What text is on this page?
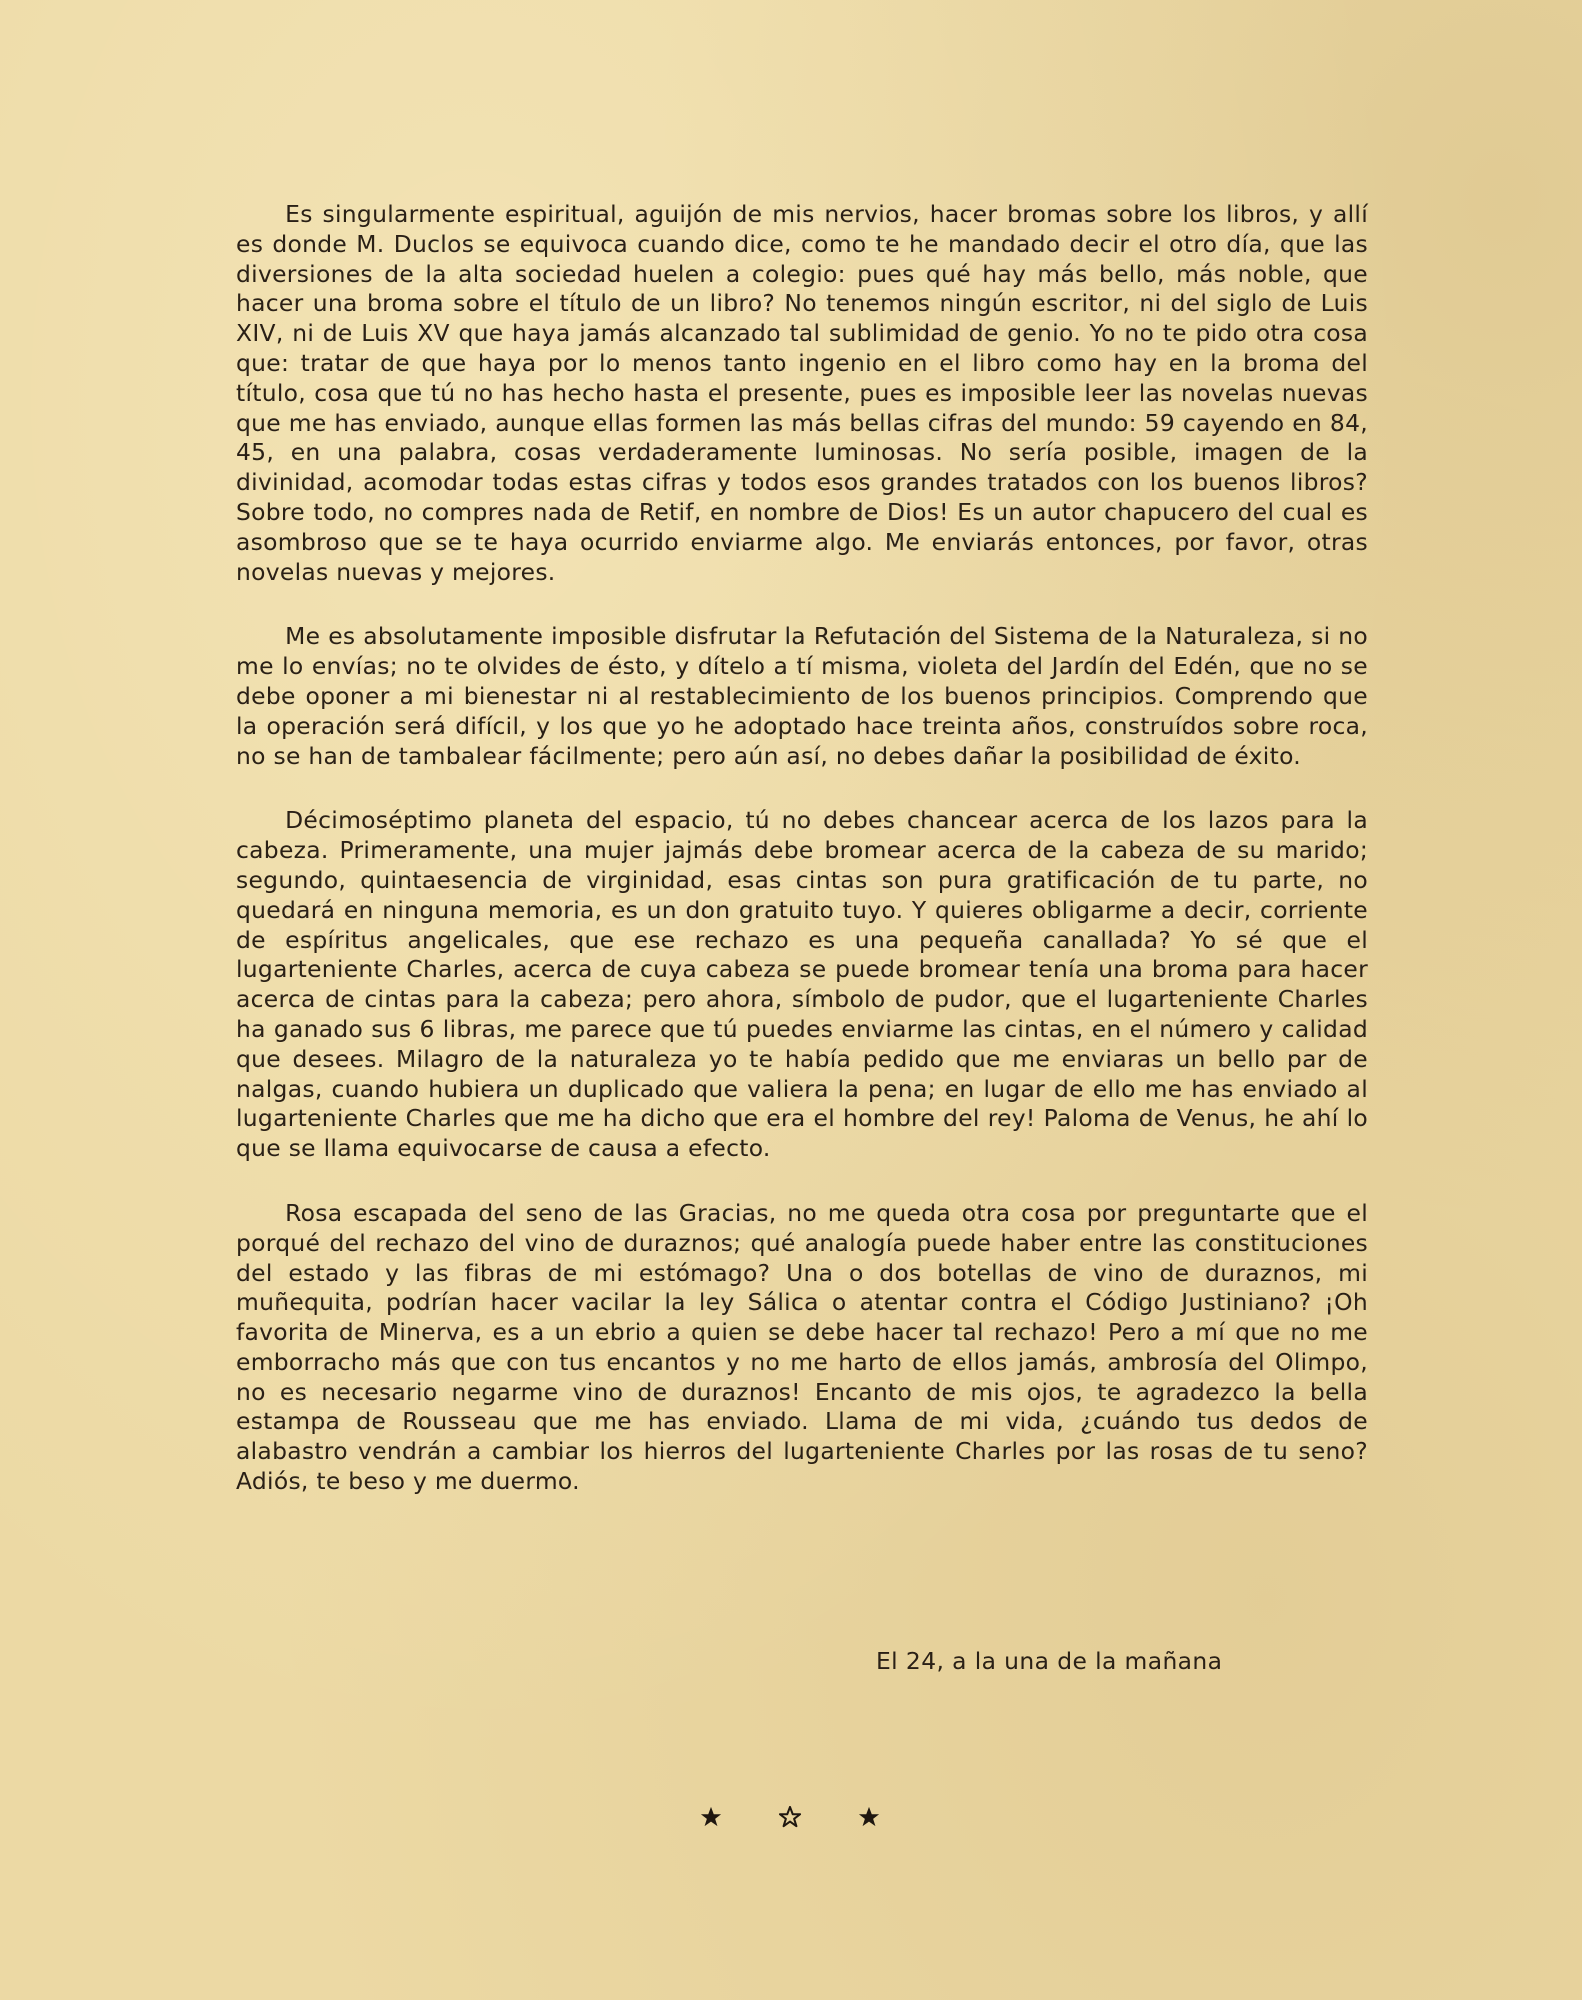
Es singularmente espiritual, aguijón de mis nervios, hacer bromas sobre los libros, y allí es donde M. Duclos se equivoca cuando dice, como te he mandado decir el otro día, que las diversiones de la alta sociedad huelen a colegio: pues qué hay más bello, más noble, que hacer una broma sobre el título de un libro? No tenemos ningún escritor, ni del siglo de Luis XIV, ni de Luis XV que haya jamás alcanzado tal sublimidad de genio. Yo no te pido otra cosa que: tratar de que haya por lo menos tanto ingenio en el libro como hay en la broma del título, cosa que tú no has hecho hasta el presente, pues es imposible leer las novelas nuevas que me has enviado, aunque ellas formen las más bellas cifras del mundo: 59 cayendo en 84, 45, en una palabra, cosas verdaderamente luminosas. No sería posible, imagen de la divinidad, acomodar todas estas cifras y todos esos grandes tratados con los buenos libros? Sobre todo, no compres nada de Retif, en nombre de Dios! Es un autor chapucero del cual es asombroso que se te haya ocurrido enviarme algo. Me enviarás entonces, por favor, otras novelas nuevas y mejores.

Me es absolutamente imposible disfrutar la Refutación del Sistema de la Naturaleza, si no me lo envías; no te olvides de ésto, y dítelo a tí misma, violeta del Jardín del Edén, que no se debe oponer a mi bienestar ni al restablecimiento de los buenos principios. Comprendo que la operación será difícil, y los que yo he adoptado hace treinta años, construídos sobre roca, no se han de tambalear fácilmente; pero aún así, no debes dañar la posibilidad de éxito.

Décimoséptimo planeta del espacio, tú no debes chancear acerca de los lazos para la cabeza. Primeramente, una mujer jajmás debe bromear acerca de la cabeza de su marido; segundo, quintaesencia de virginidad, esas cintas son pura gratificación de tu parte, no quedará en ninguna memoria, es un don gratuito tuyo. Y quieres obligarme a decir, corriente de espíritus angelicales, que ese rechazo es una pequeña canallada? Yo sé que el lugarteniente Charles, acerca de cuya cabeza se puede bromear tenía una broma para hacer acerca de cintas para la cabeza; pero ahora, símbolo de pudor, que el lugarteniente Charles ha ganado sus 6 libras, me parece que tú puedes enviarme las cintas, en el número y calidad que desees. Milagro de la naturaleza yo te había pedido que me enviaras un bello par de nalgas, cuando hubiera un duplicado que valiera la pena; en lugar de ello me has enviado al lugarteniente Charles que me ha dicho que era el hombre del rey! Paloma de Venus, he ahí lo que se llama equivocarse de causa a efecto.

Rosa escapada del seno de las Gracias, no me queda otra cosa por preguntarte que el porqué del rechazo del vino de duraznos; qué analogía puede haber entre las constituciones del estado y las fibras de mi estómago? Una o dos botellas de vino de duraznos, mi muñequita, podrían hacer vacilar la ley Sálica o atentar contra el Código Justiniano? ¡Oh favorita de Minerva, es a un ebrio a quien se debe hacer tal rechazo! Pero a mí que no me emborracho más que con tus encantos y no me harto de ellos jamás, ambrosía del Olimpo, no es necesario negarme vino de duraznos! Encanto de mis ojos, te agradezco la bella estampa de Rousseau que me has enviado. Llama de mi vida, ¿cuándo tus dedos de alabastro vendrán a cambiar los hierros del lugarteniente Charles por las rosas de tu seno? Adiós, te beso y me duermo.

El 24, a la una de la mañana
